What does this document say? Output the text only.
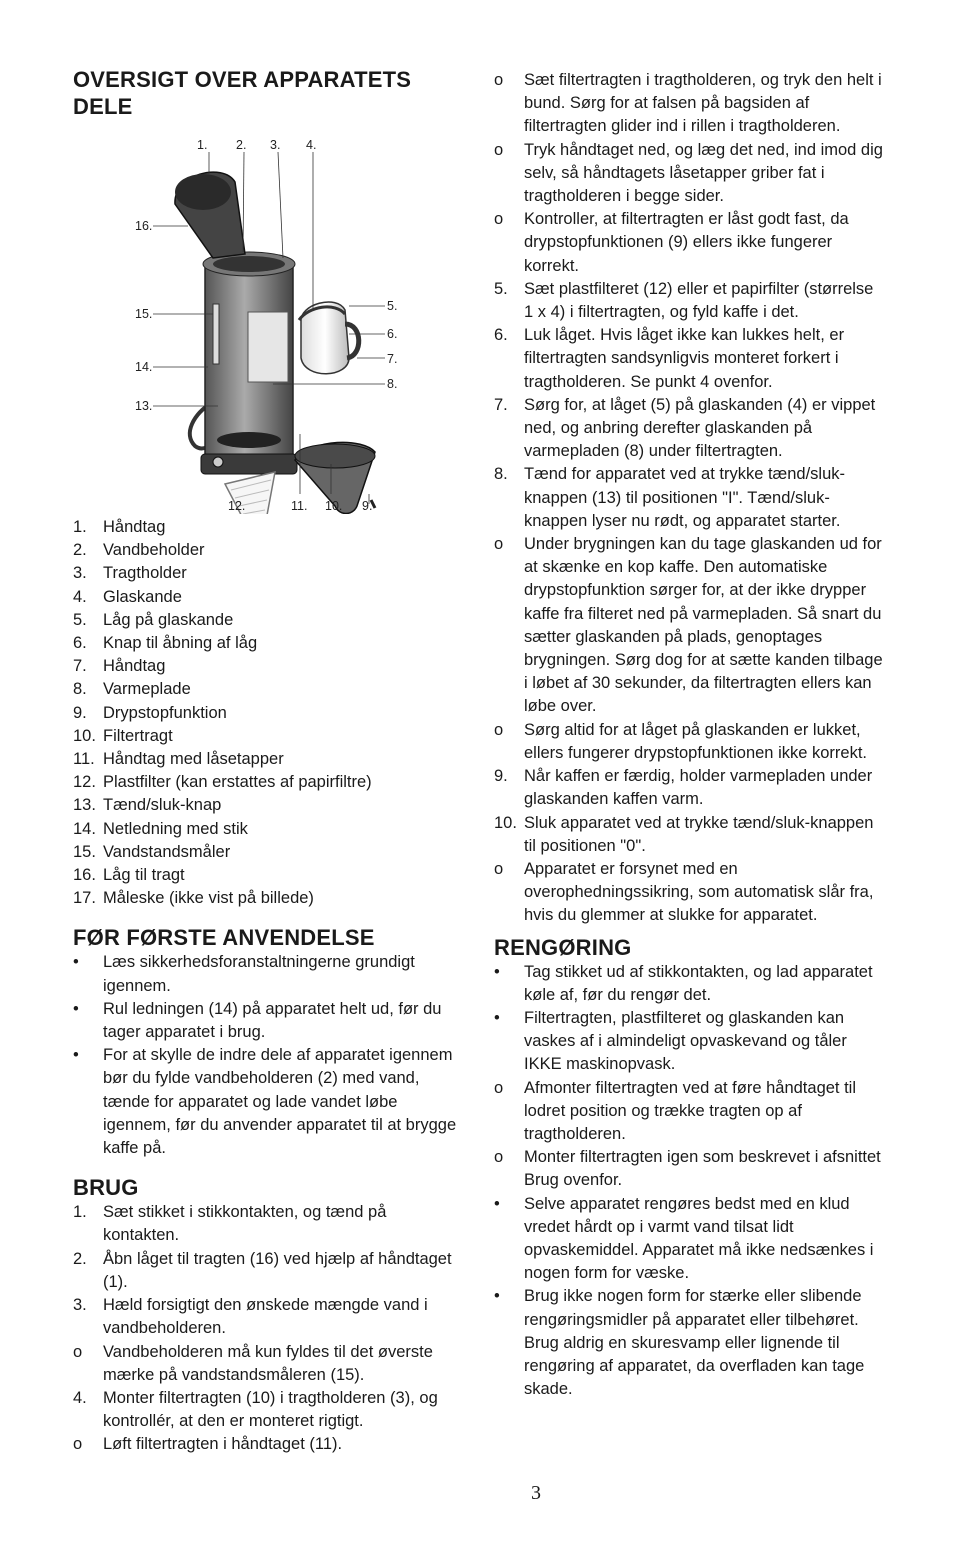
OVERSIGT OVER APPARATETS DELE
1. 2. 3. 4.
5.
6.
7.
8.
9.
10.
11.
12.
13.
14.
15.
16.
1. Håndtag
2. Vandbeholder
3. Tragtholder
4. Glaskande
5. Låg på glaskande
6. Knap til åbning af låg
7. Håndtag
8. Varmeplade
9. Drypstopfunktion
10. Filtertragt
11. Håndtag med låsetapper
12. Plastfilter (kan erstattes af papirfiltre)
13. Tænd/sluk-knap
14. Netledning med stik
15. Vandstandsmåler
16. Låg til tragt
17. Måleske (ikke vist på billede)
FØR FØRSTE ANVENDELSE
•	Læs sikkerhedsforanstaltningerne grundigt igennem.
•	Rul ledningen (14) på apparatet helt ud, før du tager apparatet i brug.
•	For at skylle de indre dele af apparatet igennem bør du fylde vandbeholderen (2) med vand, tænde for apparatet og lade vandet løbe igennem, før du anvender apparatet til at brygge kaffe på.
BRUG
1. Sæt stikket i stikkontakten, og tænd på kontakten.
2. Åbn låget til tragten (16) ved hjælp af håndtaget (1).
3. Hæld forsigtigt den ønskede mængde vand i vandbeholderen.
o	Vandbeholderen må kun fyldes til det øverste mærke på vandstandsmåleren (15).
4. Monter filtertragten (10) i tragtholderen (3), og kontrollér, at den er monteret rigtigt.
o	Løft filtertragten i håndtaget (11).
o	Sæt filtertragten i tragtholderen, og tryk den helt i bund. Sørg for at falsen på bagsiden af filtertragten glider ind i rillen i tragtholderen.
o	Tryk håndtaget ned, og læg det ned, ind imod dig selv, så håndtagets låsetapper griber fat i tragtholderen i begge sider.
o	Kontroller, at filtertragten er låst godt fast, da drypstopfunktionen (9) ellers ikke fungerer korrekt.
5. Sæt plastfilteret (12) eller et papirfilter (størrelse 1 x 4) i filtertragten, og fyld kaffe i det.
6. Luk låget. Hvis låget ikke kan lukkes helt, er filtertragten sandsynligvis monteret forkert i tragtholderen. Se punkt 4 ovenfor.
7. Sørg for, at låget (5) på glaskanden (4) er vippet ned, og anbring derefter glaskanden på varmepladen (8) under filtertragten.
8. Tænd for apparatet ved at trykke tænd/sluk-knappen (13) til positionen "I". Tænd/sluk-knappen lyser nu rødt, og apparatet starter.
o	Under brygningen kan du tage glaskanden ud for at skænke en kop kaffe. Den automatiske drypstopfunktion sørger for, at der ikke drypper kaffe fra filteret ned på varmepladen. Så snart du sætter glaskanden på plads, genoptages brygningen. Sørg dog for at sætte kanden tilbage i løbet af 30 sekunder, da filtertragten ellers kan løbe over.
o	Sørg altid for at låget på glaskanden er lukket, ellers fungerer drypstopfunktionen ikke korrekt.
9. Når kaffen er færdig, holder varmepladen under glaskanden kaffen varm.
10. Sluk apparatet ved at trykke tænd/sluk-knappen til positionen "0".
o	Apparatet er forsynet med en overophedningssikring, som automatisk slår fra, hvis du glemmer at slukke for apparatet.
RENGØRING
•	Tag stikket ud af stikkontakten, og lad apparatet køle af, før du rengør det.
•	Filtertragten, plastfilteret og glaskanden kan vaskes af i almindeligt opvaskevand og tåler IKKE maskinopvask.
o	Afmonter filtertragten ved at føre håndtaget til lodret position og trække tragten op af tragtholderen.
o	Monter filtertragten igen som beskrevet i afsnittet Brug ovenfor.
•	Selve apparatet rengøres bedst med en klud vredet hårdt op i varmt vand tilsat lidt opvaskemiddel. Apparatet må ikke nedsænkes i nogen form for væske.
•	Brug ikke nogen form for stærke eller slibende rengøringsmidler på apparatet eller tilbehøret. Brug aldrig en skuresvamp eller lignende til rengøring af apparatet, da overfladen kan tage skade.
3
